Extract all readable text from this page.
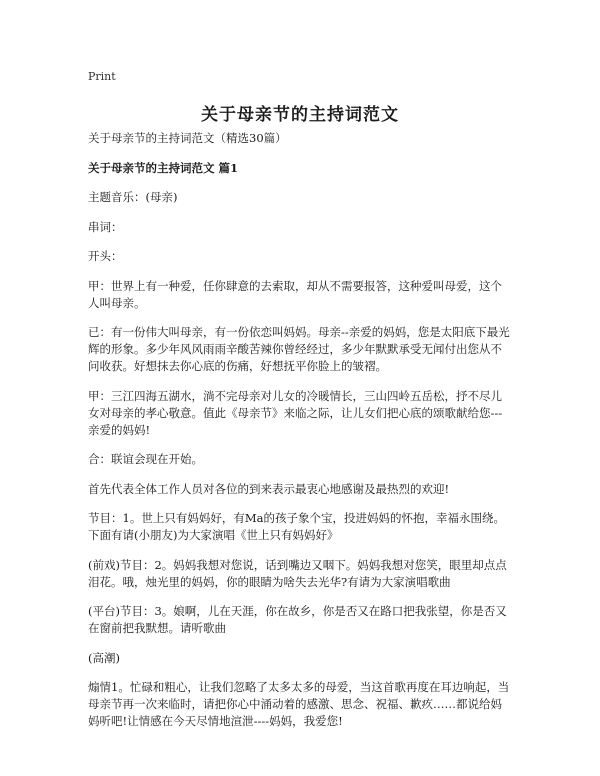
Print
关于母亲节的主持词范文

关于母亲节的主持词范文（精选30篇）

关于母亲节的主持词范文 篇1

主题音乐：(母亲)

串词：

开头：

甲：世界上有一种爱，任你肆意的去索取，却从不需要报答，这种爱叫母爱，这个人叫母亲。

已：有一份伟大叫母亲，有一份依恋叫妈妈。母亲--亲爱的妈妈，您是太阳底下最光辉的形象。多少年风风雨雨辛酸苦辣你曾经经过，多少年默默承受无闻付出您从不问收获。好想抹去你心底的伤痛，好想抚平你脸上的皱褶。

甲：三江四海五湖水，淌不完母亲对儿女的冷暖情长，三山四岭五岳松，抒不尽儿女对母亲的孝心敬意。值此《母亲节》来临之际，让儿女们把心底的颂歌献给您---亲爱的妈妈!

合：联谊会现在开始。

首先代表全体工作人员对各位的到来表示最衷心地感谢及最热烈的欢迎!

节目：1。世上只有妈妈好，有Ma的孩子象个宝，投进妈妈的怀抱，幸福永围绕。下面有请(小朋友)为大家演唱《世上只有妈妈好》

(前戏)节目：2。妈妈我想对您说，话到嘴边又咽下。妈妈我想对您笑，眼里却点点泪花。哦，烛光里的妈妈，你的眼睛为啥失去光华?有请为大家演唱歌曲

(平台)节目：3。娘啊，儿在天涯，你在故乡，你是否又在路口把我张望，你是否又在窗前把我默想。请听歌曲

(高潮)

煽情1。忙碌和粗心，让我们忽略了太多太多的母爱，当这首歌再度在耳边响起，当母亲节再一次来临时，请把你心中涌动着的感激、思念、祝福、歉疚……都说给妈妈听吧!让情感在今天尽情地渲泄----妈妈，我爱您!
